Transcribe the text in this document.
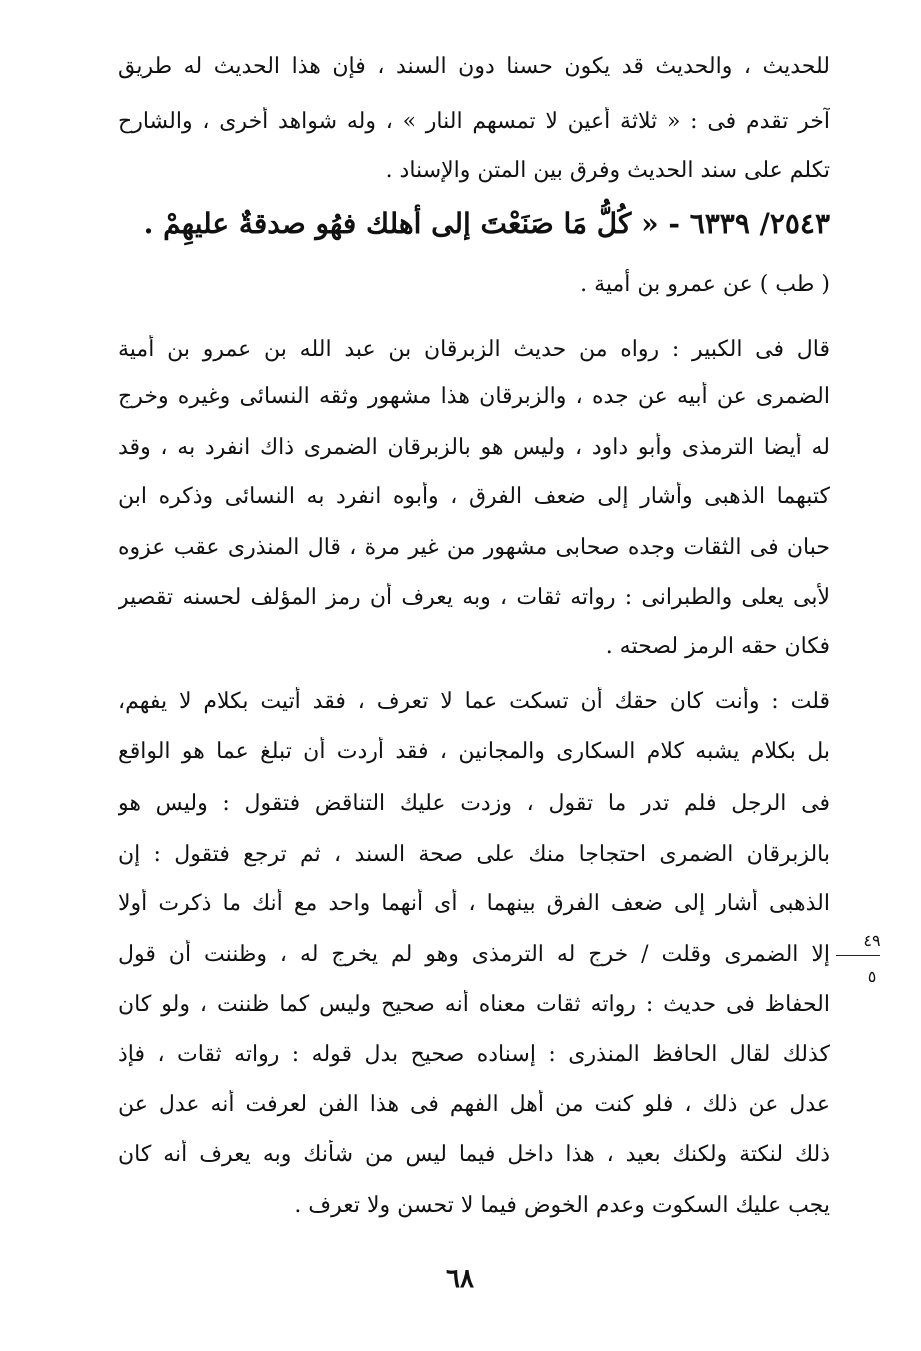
للحديث ، والحديث قد يكون حسنا دون السند ، فإن هذا الحديث له طريق
آخر تقدم فى : « ثلاثة أعين لا تمسهم النار » ، وله شواهد أخرى ، والشارح
تكلم على سند الحديث وفرق بين المتن والإسناد .
٢٥٤٣/ ٦٣٣٩ - « كُلُّ مَا صَنَعْتَ إلى أهلك فهُو صدقةٌ عليهِمْ .
( طب ) عن عمرو بن أمية .
قال فى الكبير : رواه من حديث الزبرقان بن عبد الله بن عمرو بن أمية
الضمرى عن أبيه عن جده ، والزبرقان هذا مشهور وثقه النسائى وغيره وخرج
له أيضا الترمذى وأبو داود ، وليس هو بالزبرقان الضمرى ذاك انفرد به ، وقد
كتبهما الذهبى وأشار إلى ضعف الفرق ، وأبوه انفرد به النسائى وذكره ابن
حبان فى الثقات وجده صحابى مشهور من غير مرة ، قال المنذرى عقب عزوه
لأبى يعلى والطبرانى : رواته ثقات ، وبه يعرف أن رمز المؤلف لحسنه تقصير
فكان حقه الرمز لصحته .
قلت : وأنت كان حقك أن تسكت عما لا تعرف ، فقد أتيت بكلام لا يفهم،
بل بكلام يشبه كلام السكارى والمجانين ، فقد أردت أن تبلغ عما هو الواقع
فى الرجل فلم تدر ما تقول ، وزدت عليك التناقض فتقول : وليس هو
بالزبرقان الضمرى احتجاجا منك على صحة السند ، ثم ترجع فتقول : إن
الذهبى أشار إلى ضعف الفرق بينهما ، أى أنهما واحد مع أنك ما ذكرت أولا
إلا الضمرى وقلت / خرج له الترمذى وهو لم يخرج له ، وظننت أن قول
الحفاظ فى حديث : رواته ثقات معناه أنه صحيح وليس كما ظننت ، ولو كان
كذلك لقال الحافظ المنذرى : إسناده صحيح بدل قوله : رواته ثقات ، فإذ
عدل عن ذلك ، فلو كنت من أهل الفهم فى هذا الفن لعرفت أنه عدل عن
ذلك لنكتة ولكنك بعيد ، هذا داخل فيما ليس من شأنك وبه يعرف أنه كان
يجب عليك السكوت وعدم الخوض فيما لا تحسن ولا تعرف .
٤٩
٥
٦٨
